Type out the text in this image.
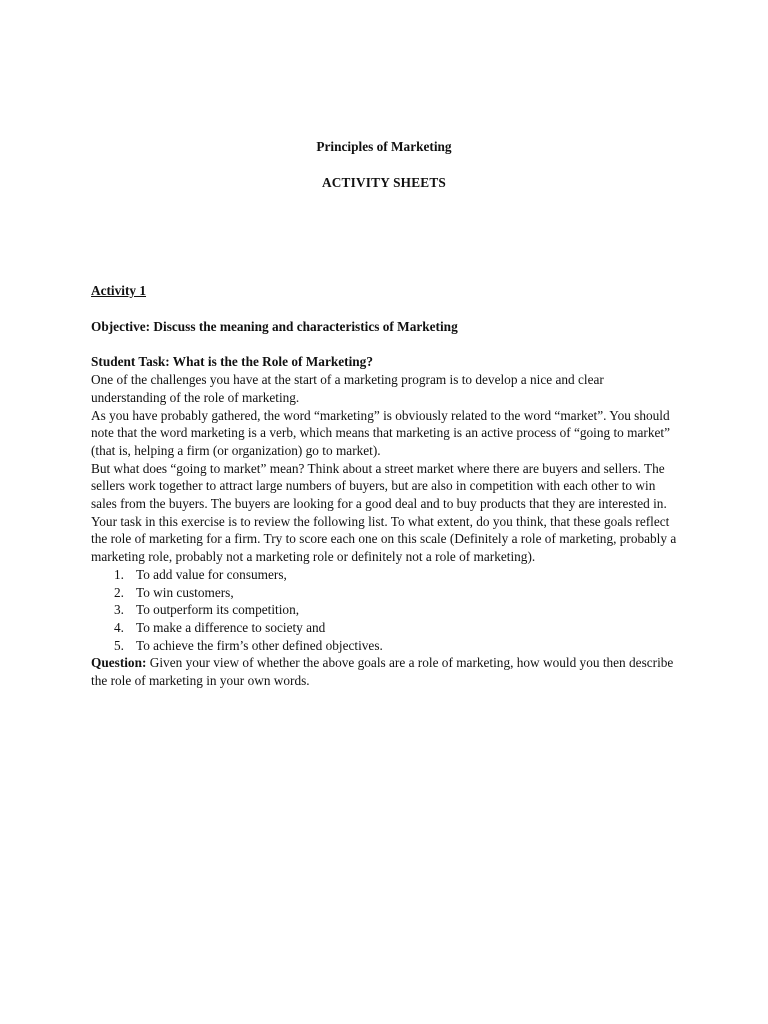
Principles of Marketing
ACTIVITY SHEETS

Activity 1

Objective: Discuss the meaning and characteristics of Marketing

Student Task: What is the the Role of Marketing?

One of the challenges you have at the start of a marketing program is to develop a nice and clear understanding of the role of marketing.

As you have probably gathered, the word “marketing” is obviously related to the word “market”. You should note that the word marketing is a verb, which means that marketing is an active process of “going to market” (that is, helping a firm (or organization) go to market).

But what does “going to market” mean? Think about a street market where there are buyers and sellers. The sellers work together to attract large numbers of buyers, but are also in competition with each other to win sales from the buyers. The buyers are looking for a good deal and to buy products that they are interested in.

Your task in this exercise is to review the following list. To what extent, do you think, that these goals reflect the role of marketing for a firm. Try to score each one on this scale (Definitely a role of marketing, probably a marketing role, probably not a marketing role or definitely not a role of marketing).

1. To add value for consumers,
2. To win customers,
3. To outperform its competition,
4. To make a difference to society and
5. To achieve the firm’s other defined objectives.

Question: Given your view of whether the above goals are a role of marketing, how would you then describe the role of marketing in your own words.
